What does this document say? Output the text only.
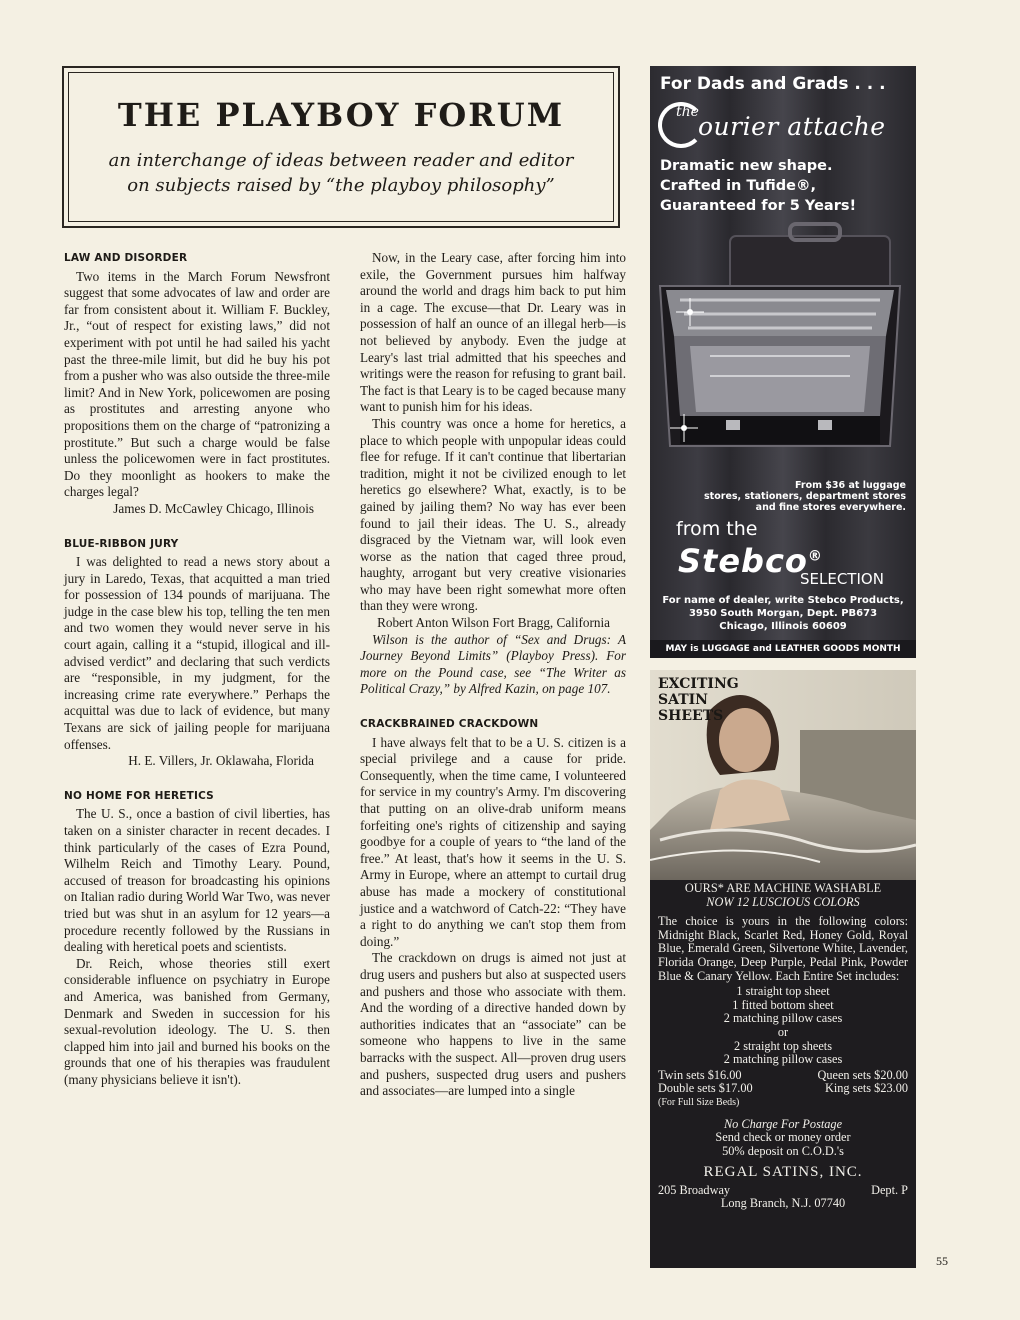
THE PLAYBOY FORUM
an interchange of ideas between reader and editor
on subjects raised by “the playboy philosophy”
LAW AND DISORDER

Two items in the March Forum Newsfront suggest that some advocates of law and order are far from consistent about it. William F. Buckley, Jr., “out of respect for existing laws,” did not experiment with pot until he had sailed his yacht past the three-mile limit, but did he buy his pot from a pusher who was also outside the three-mile limit? And in New York, policewomen are posing as prostitutes and arresting anyone who propositions them on the charge of “patronizing a prostitute.” But such a charge would be false unless the policewomen were in fact prostitutes. Do they moonlight as hookers to make the charges legal?

James D. McCawley Chicago, Illinois
BLUE-RIBBON JURY

I was delighted to read a news story about a jury in Laredo, Texas, that acquitted a man tried for possession of 134 pounds of marijuana. The judge in the case blew his top, telling the ten men and two women they would never serve in his court again, calling it a “stupid, illogical and ill-advised verdict” and declaring that such verdicts are “responsible, in my judgment, for the increasing crime rate everywhere.” Perhaps the acquittal was due to lack of evidence, but many Texans are sick of jailing people for marijuana offenses.

H. E. Villers, Jr. Oklawaha, Florida
NO HOME FOR HERETICS

The U. S., once a bastion of civil liberties, has taken on a sinister character in recent decades. I think particularly of the cases of Ezra Pound, Wilhelm Reich and Timothy Leary. Pound, accused of treason for broadcasting his opinions on Italian radio during World War Two, was never tried but was shut in an asylum for 12 years—a procedure recently followed by the Russians in dealing with heretical poets and scientists.

Dr. Reich, whose theories still exert considerable influence on psychiatry in Europe and America, was banished from Germany, Denmark and Sweden in succession for his sexual-revolution ideology. The U. S. then clapped him into jail and burned his books on the grounds that one of his therapies was fraudulent (many physicians believe it isn't).

Now, in the Leary case, after forcing him into exile, the Government pursues him halfway around the world and drags him back to put him in a cage. The excuse—that Dr. Leary was in possession of half an ounce of an illegal herb—is not believed by anybody. Even the judge at Leary's last trial admitted that his speeches and writings were the reason for refusing to grant bail. The fact is that Leary is to be caged because many want to punish him for his ideas.

This country was once a home for heretics, a place to which people with unpopular ideas could flee for refuge. If it can't continue that libertarian tradition, might it not be civilized enough to let heretics go elsewhere? What, exactly, is to be gained by jailing them? No way has ever been found to jail their ideas. The U. S., already disgraced by the Vietnam war, will look even worse as the nation that caged three proud, haughty, arrogant but very creative visionaries who may have been right somewhat more often than they were wrong.

Robert Anton Wilson Fort Bragg, California

Wilson is the author of “Sex and Drugs: A Journey Beyond Limits” (Playboy Press). For more on the Pound case, see “The Writer as Political Crazy,” by Alfred Kazin, on page 107.

CRACKBRAINED CRACKDOWN

I have always felt that to be a U. S. citizen is a special privilege and a cause for pride. Consequently, when the time came, I volunteered for service in my country's Army. I'm discovering that putting on an olive-drab uniform means forfeiting one's rights of citizenship and saying goodbye for a couple of years to “the land of the free.” At least, that's how it seems in the U. S. Army in Europe, where an attempt to curtail drug abuse has made a mockery of constitutional justice and a watchword of Catch-22: “They have a right to do anything we can't stop them from doing.”

The crackdown on drugs is aimed not just at drug users and pushers but also at suspected users and pushers and those who associate with them. And the wording of a directive handed down by authorities indicates that an “associate” can be someone who happens to live in the same barracks with the suspect. All—proven drug users and pushers, suspected drug users and pushers and associates—are lumped into a single

For Dads and Grads . . .
the ourier attache
Dramatic new shape.
Crafted in Tufide®,
Guaranteed for 5 Years!
From $36 at luggage
stores, stationers, department stores
and fine stores everywhere.
from the
Stebco®
SELECTION
For name of dealer, write Stebco Products,
3950 South Morgan, Dept. PB673
Chicago, Illinois 60609
MAY is LUGGAGE and LEATHER GOODS MONTH
EXCITING
SATIN
SHEETS
OURS* ARE MACHINE WASHABLE
NOW 12 LUSCIOUS COLORS
The choice is yours in the following colors: Midnight Black, Scarlet Red, Honey Gold, Royal Blue, Emerald Green, Silvertone White, Lavender, Florida Orange, Deep Purple, Pedal Pink, Powder Blue & Canary Yellow. Each Entire Set includes:
1 straight top sheet
1 fitted bottom sheet
2 matching pillow cases
or
2 straight top sheets
2 matching pillow cases
Twin sets $16.00	Queen sets $20.00
Double sets $17.00	King sets $23.00
(For Full Size Beds)
No Charge For Postage
Send check or money order
50% deposit on C.O.D.'s
REGAL SATINS, INC.
205 Broadway	Dept. P
Long Branch, N.J. 07740
55
